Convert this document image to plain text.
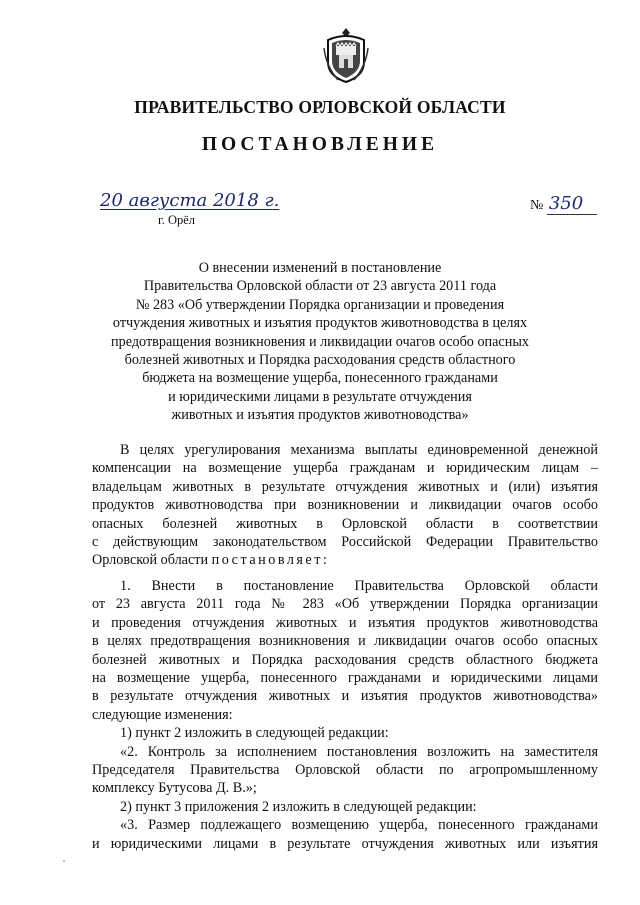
ПРАВИТЕЛЬСТВО ОРЛОВСКОЙ ОБЛАСТИ
ПОСТАНОВЛЕНИЕ
20 августа 2018 г.
г. Орёл
№ 350
О внесении изменений в постановление
Правительства Орловской области от 23 августа 2011 года
№ 283 «Об утверждении Порядка организации и проведения
отчуждения животных и изъятия продуктов животноводства в целях
предотвращения возникновения и ликвидации очагов особо опасных
болезней животных и Порядка расходования средств областного
бюджета на возмещение ущерба, понесенного гражданами
и юридическими лицами в результате отчуждения
животных и изъятия продуктов животноводства»
В целях урегулирования механизма выплаты единовременной денежной
компенсации на возмещение ущерба гражданам и юридическим лицам –
владельцам животных в результате отчуждения животных и (или) изъятия
продуктов животноводства при возникновении и ликвидации очагов особо
опасных болезней животных в Орловской области в соответствии
с действующим законодательством Российской Федерации Правительство
Орловской области постановляет:
1. Внести в постановление Правительства Орловской области
от 23 августа 2011 года № 283 «Об утверждении Порядка организации
и проведения отчуждения животных и изъятия продуктов животноводства
в целях предотвращения возникновения и ликвидации очагов особо опасных
болезней животных и Порядка расходования средств областного бюджета
на возмещение ущерба, понесенного гражданами и юридическими лицами
в результате отчуждения животных и изъятия продуктов животноводства»
следующие изменения:
1) пункт 2 изложить в следующей редакции:
«2. Контроль за исполнением постановления возложить на заместителя
Председателя Правительства Орловской области по агропромышленному
комплексу Бутусова Д. В.»;
2) пункт 3 приложения 2 изложить в следующей редакции:
«3. Размер подлежащего возмещению ущерба, понесенного гражданами
и юридическими лицами в результате отчуждения животных или изъятия
